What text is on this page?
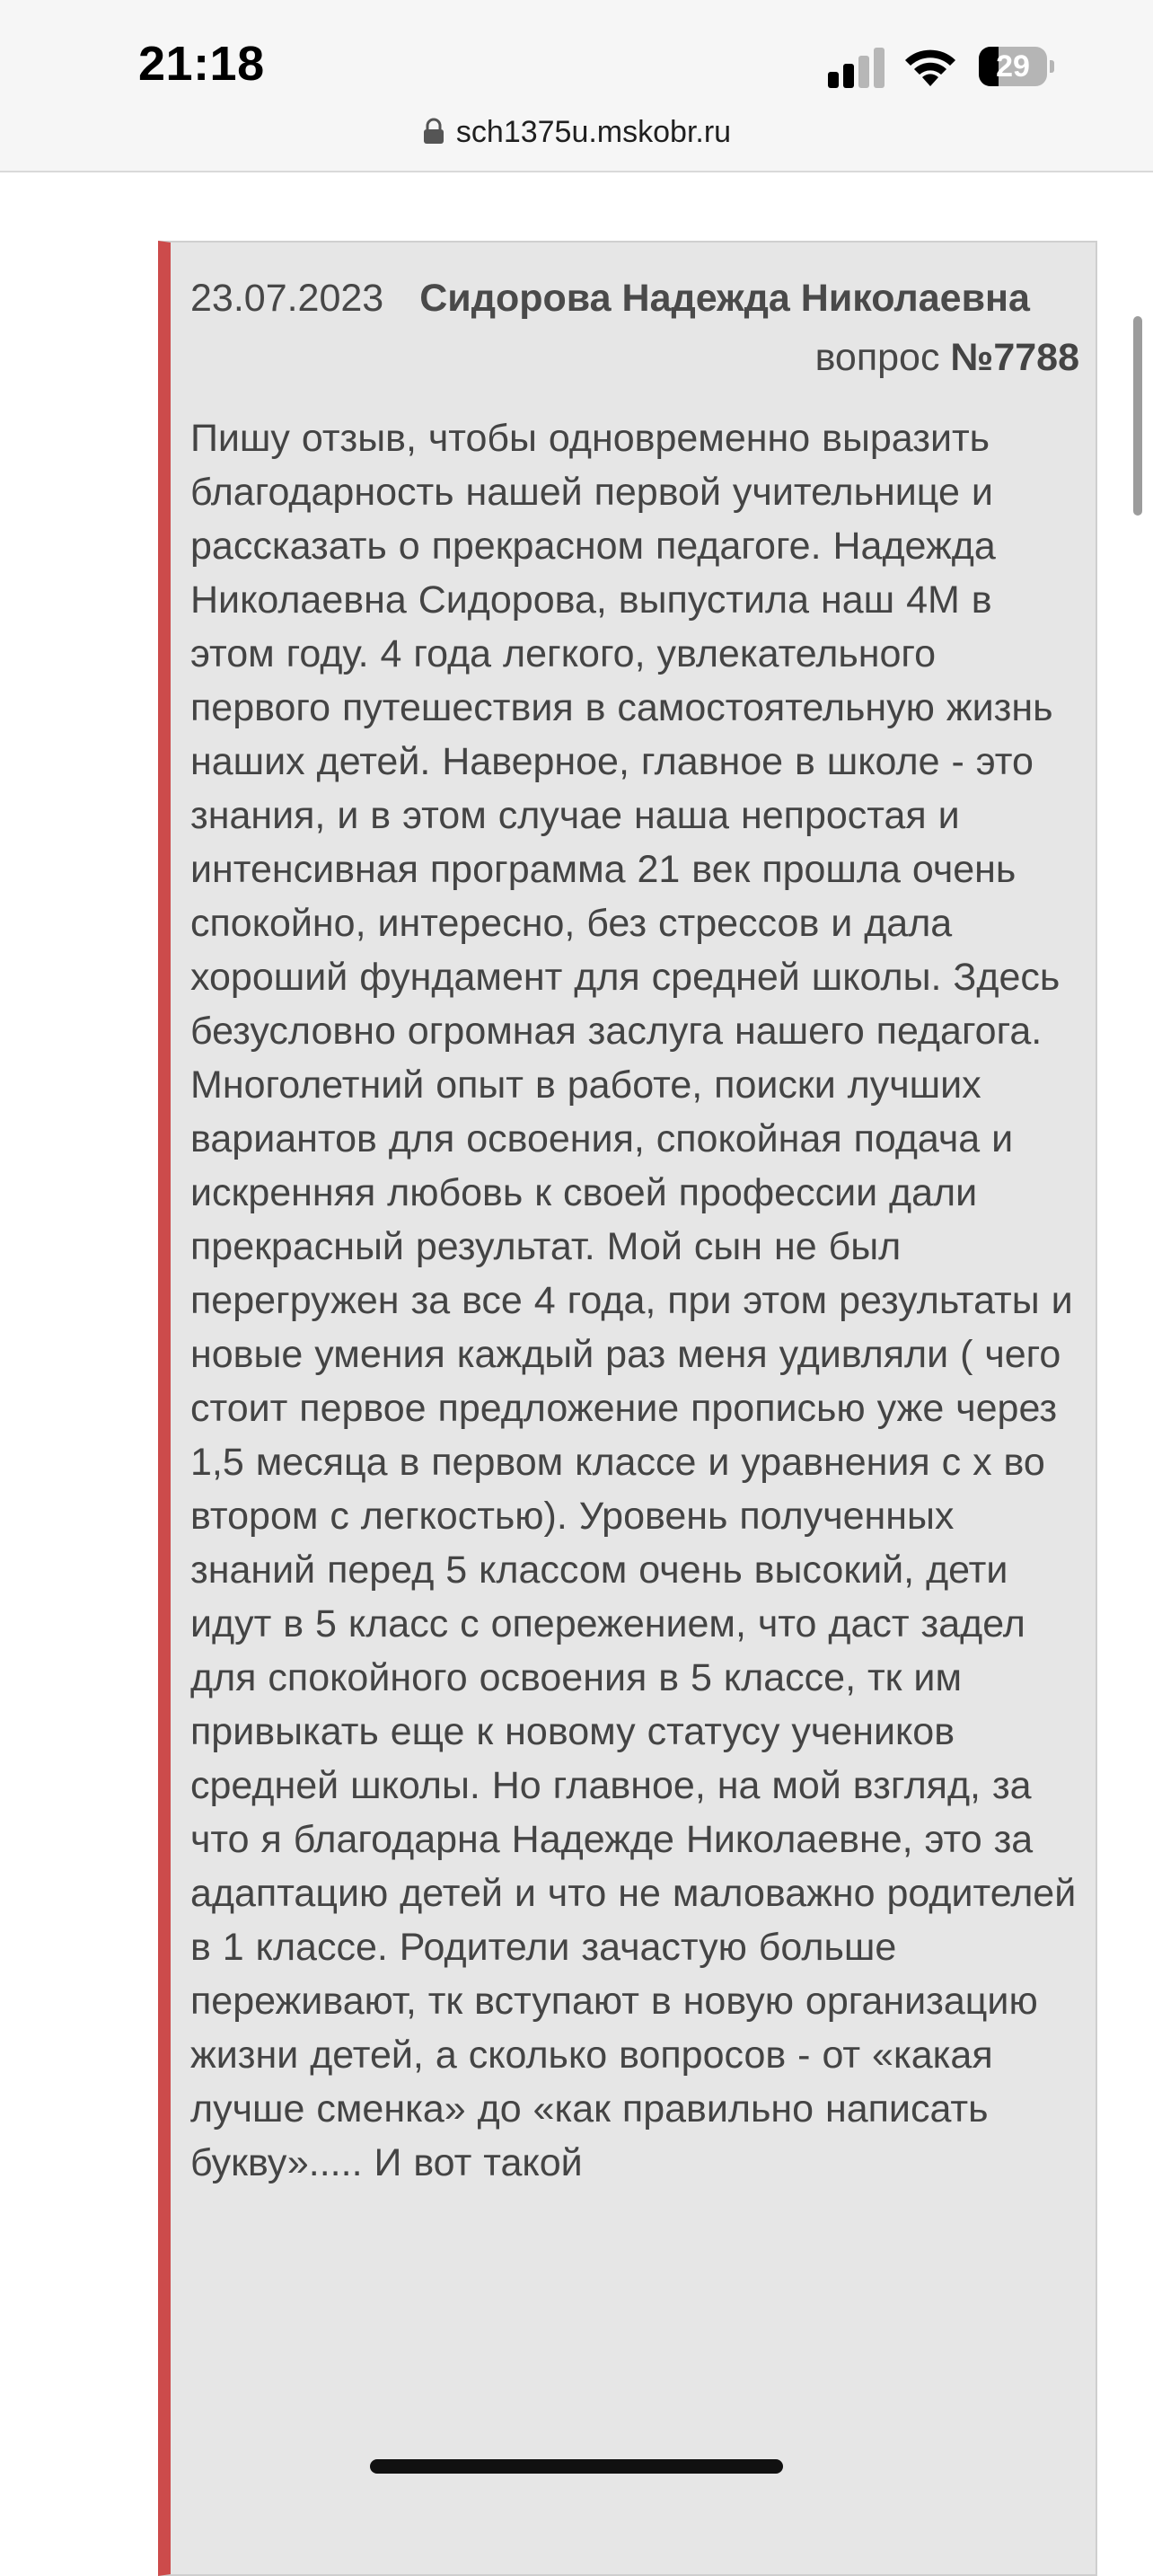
21:18	29
sch1375u.mskobr.ru
23.07.2023 Сидорова Надежда Николаевна
вопрос №7788
Пишу отзыв, чтобы одновременно выразить благодарность нашей первой учительнице и рассказать о прекрасном педагоге. Надежда Николаевна Сидорова, выпустила наш 4М в этом году. 4 года легкого, увлекательного первого путешествия в самостоятельную жизнь наших детей. Наверное, главное в школе - это знания, и в этом случае наша непростая и интенсивная программа 21 век прошла очень спокойно, интересно, без стрессов и дала хороший фундамент для средней школы. Здесь безусловно огромная заслуга нашего педагога. Многолетний опыт в работе, поиски лучших вариантов для освоения, спокойная подача и искренняя любовь к своей профессии дали прекрасный результат. Мой сын не был перегружен за все 4 года, при этом результаты и новые умения каждый раз меня удивляли ( чего стоит первое предложение прописью уже через 1,5 месяца в первом классе и уравнения с х во втором с легкостью). Уровень полученных знаний перед 5 классом очень высокий, дети идут в 5 класс с опережением, что даст задел для спокойного освоения в 5 классе, тк им привыкать еще к новому статусу учеников средней школы. Но главное, на мой взгляд, за что я благодарна Надежде Николаевне, это за адаптацию детей и что не маловажно родителей в 1 классе. Родители зачастую больше переживают, тк вступают в новую организацию жизни детей, а сколько вопросов - от «какая лучше сменка» до «как правильно написать букву»..... И вот такой
